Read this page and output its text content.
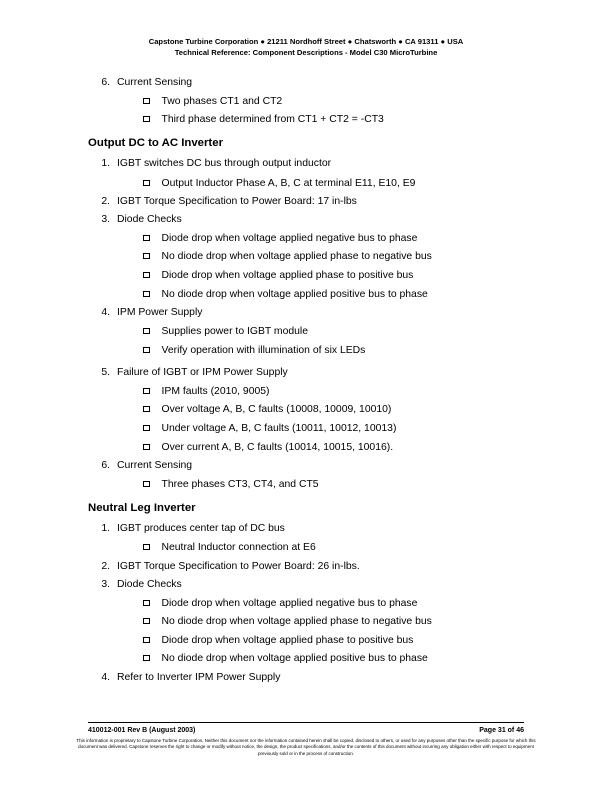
Capstone Turbine Corporation ● 21211 Nordhoff Street ● Chatsworth ● CA 91311 ● USA
Technical Reference: Component Descriptions - Model C30 MicroTurbine
6. Current Sensing
Two phases CT1 and CT2
Third phase determined from CT1 + CT2 = -CT3
Output DC to AC Inverter
1. IGBT switches DC bus through output inductor
Output Inductor Phase A, B, C at terminal E11, E10, E9
2. IGBT Torque Specification to Power Board: 17 in-lbs
3. Diode Checks
Diode drop when voltage applied negative bus to phase
No diode drop when voltage applied phase to negative bus
Diode drop when voltage applied phase to positive bus
No diode drop when voltage applied positive bus to phase
4. IPM Power Supply
Supplies power to IGBT module
Verify operation with illumination of six LEDs
5. Failure of IGBT or IPM Power Supply
IPM faults (2010, 9005)
Over voltage A, B, C faults (10008, 10009, 10010)
Under voltage A, B, C faults (10011, 10012, 10013)
Over current A, B, C faults (10014, 10015, 10016).
6. Current Sensing
Three phases CT3, CT4, and CT5
Neutral Leg Inverter
1. IGBT produces center tap of DC bus
Neutral Inductor connection at E6
2. IGBT Torque Specification to Power Board: 26 in-lbs.
3. Diode Checks
Diode drop when voltage applied negative bus to phase
No diode drop when voltage applied phase to negative bus
Diode drop when voltage applied phase to positive bus
No diode drop when voltage applied positive bus to phase
4. Refer to Inverter IPM Power Supply
410012-001 Rev B (August 2003)	Page 31 of 46
This information is proprietary to Capstone Turbine Corporation. Neither this document nor the information contained herein shall be copied, disclosed to others, or used for any purposes other than the specific purpose for which this document was delivered. Capstone reserves the right to change or modify without notice, the design, the product specifications, and/or the contents of this document without incurring any obligation either with respect to equipment previously sold or in the process of construction.
